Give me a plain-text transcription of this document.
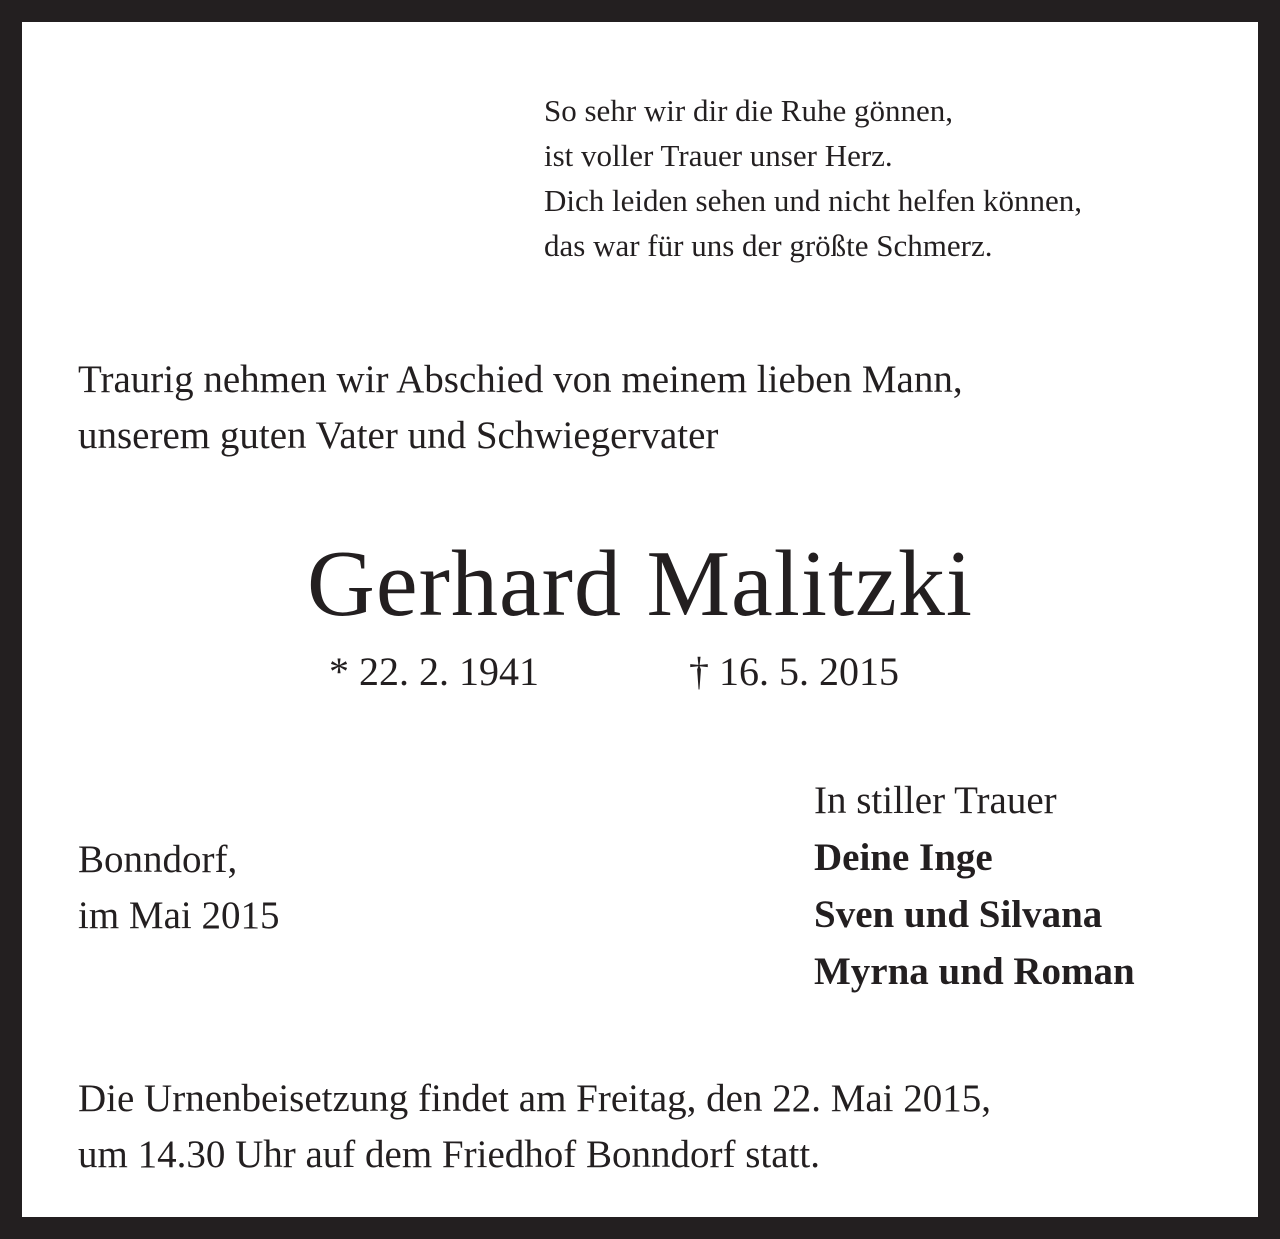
So sehr wir dir die Ruhe gönnen,
ist voller Trauer unser Herz.
Dich leiden sehen und nicht helfen können,
das war für uns der größte Schmerz.
Traurig nehmen wir Abschied von meinem lieben Mann,
unserem guten Vater und Schwiegervater
Gerhard Malitzki
* 22. 2. 1941	† 16. 5. 2015
Bonndorf,
im Mai 2015
In stiller Trauer
Deine Inge
Sven und Silvana
Myrna und Roman
Die Urnenbeisetzung findet am Freitag, den 22. Mai 2015,
um 14.30 Uhr auf dem Friedhof Bonndorf statt.
